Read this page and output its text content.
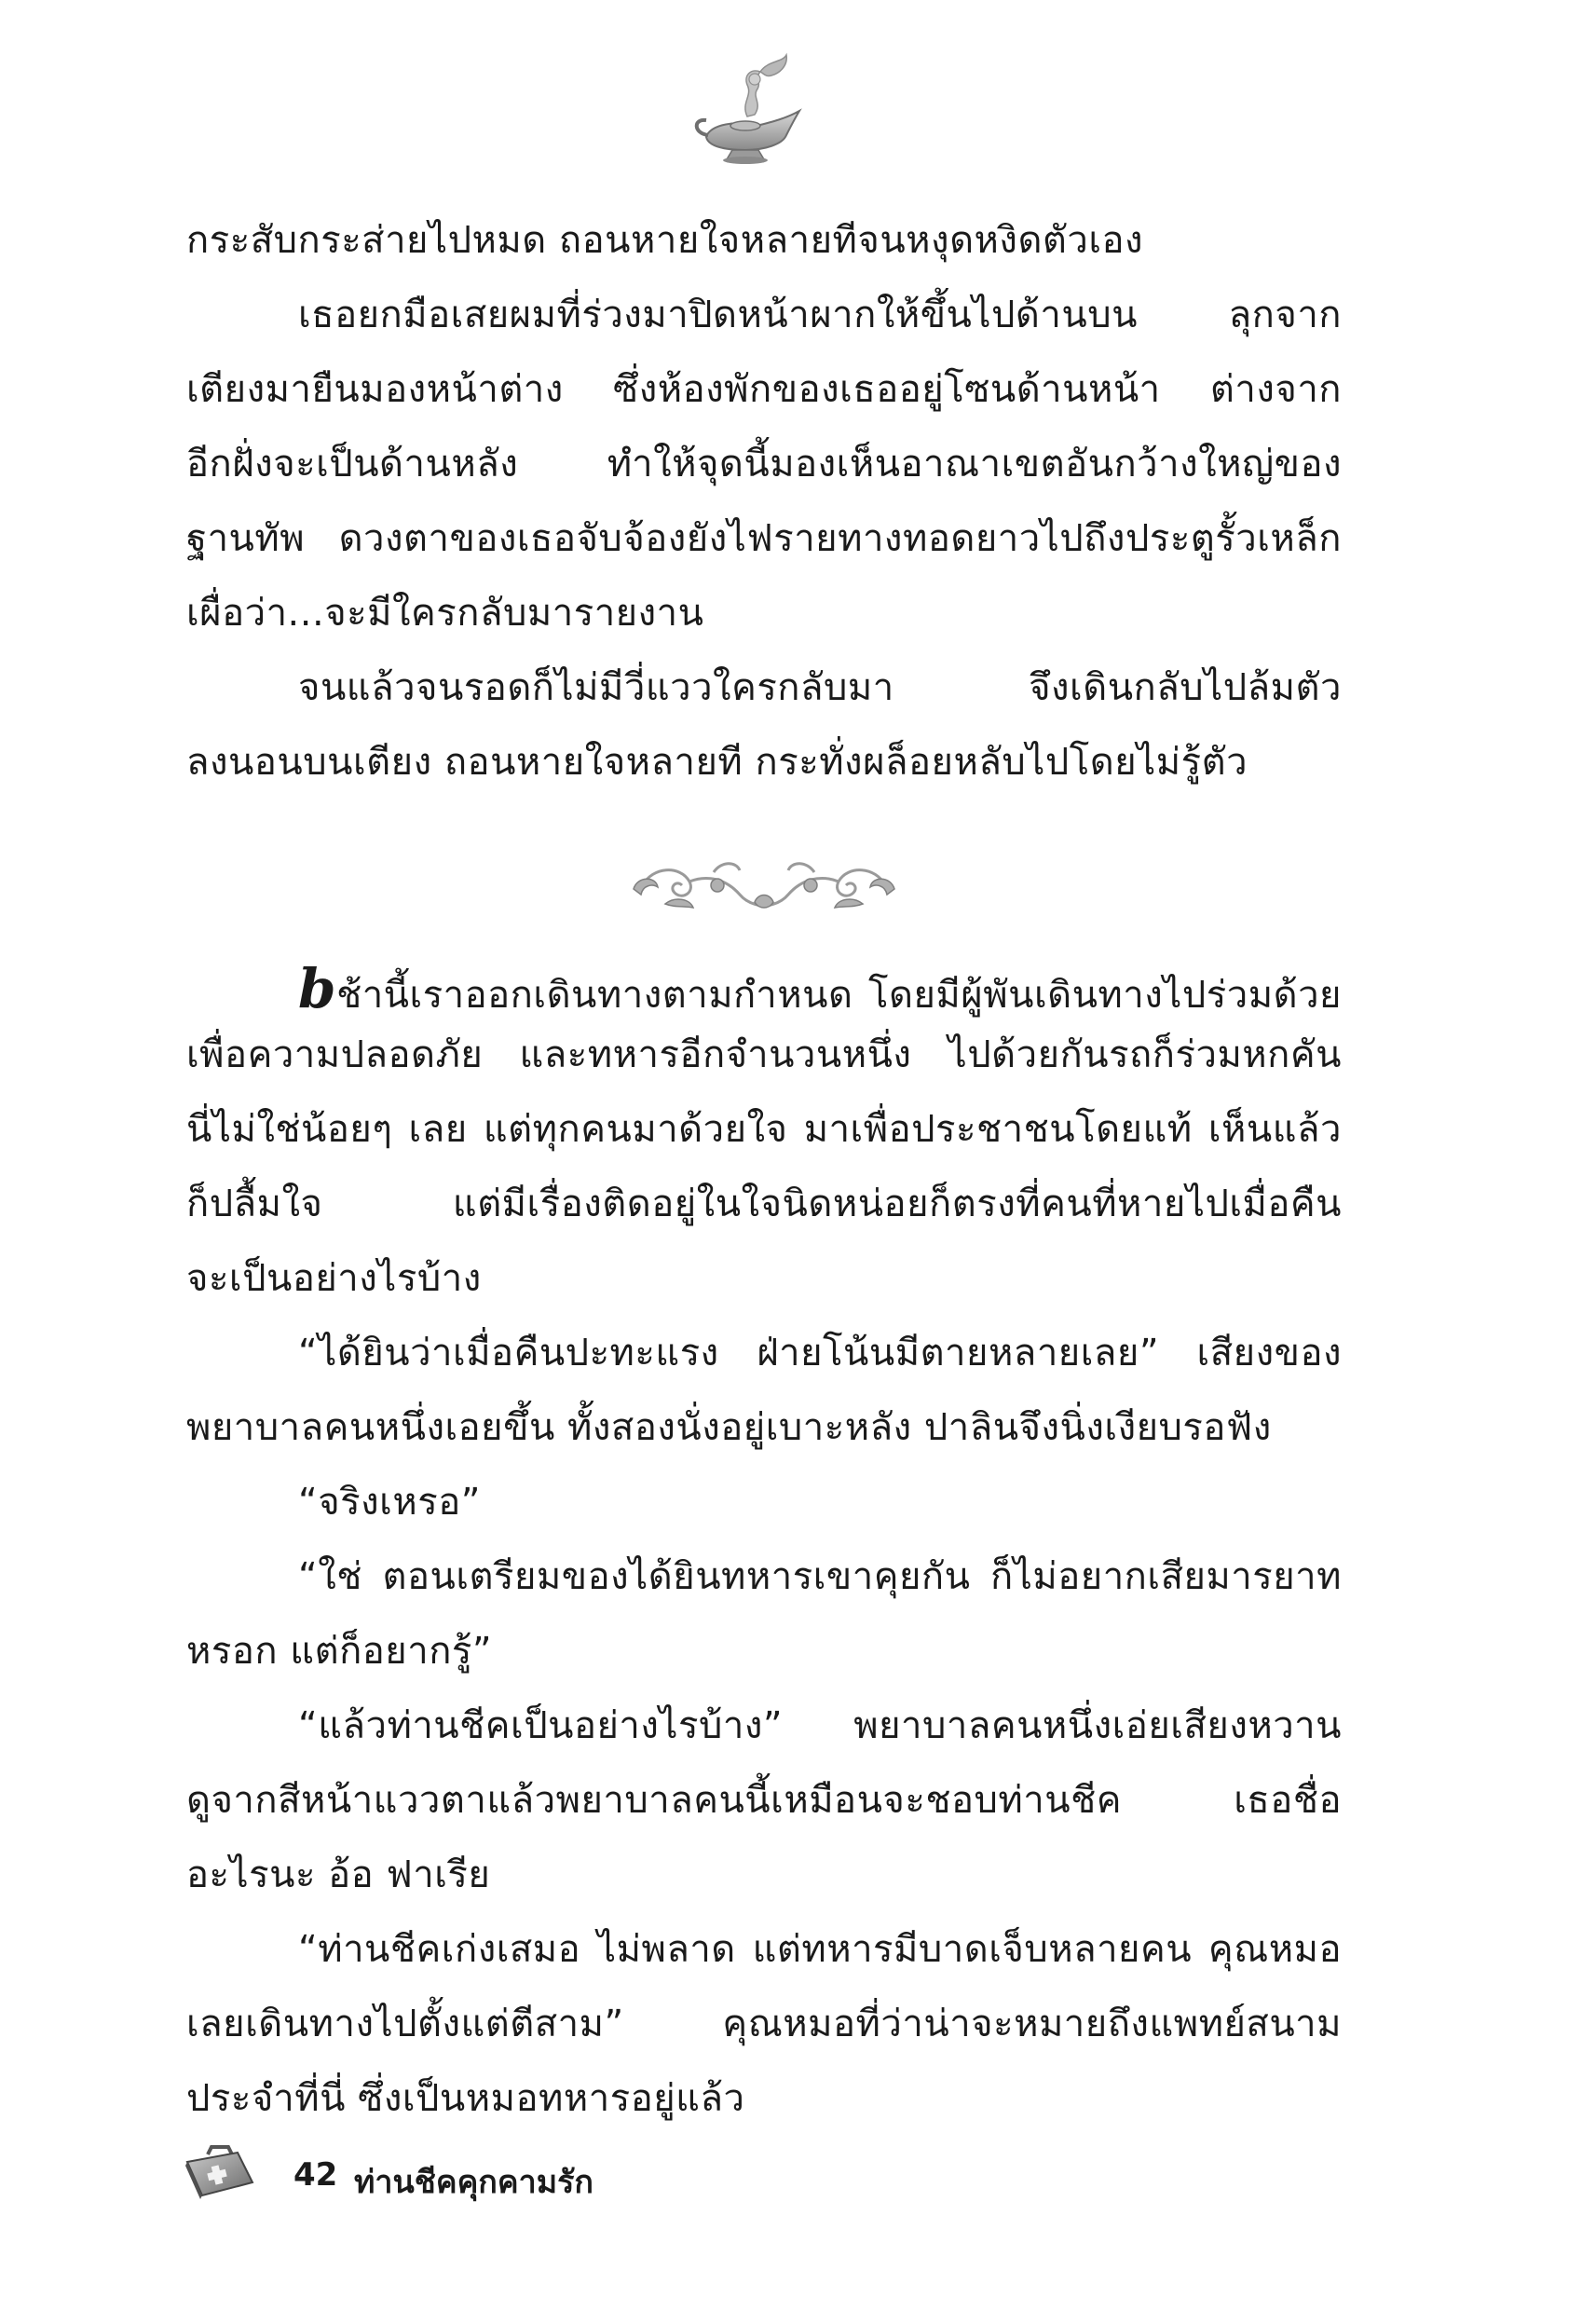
กระสับกระส่ายไปหมด ถอนหายใจหลายทีจนหงุดหงิดตัวเอง
เธอยกมือเสยผมที่ร่วงมาปิดหน้าผากให้ขึ้นไปด้านบน ลุกจาก
เตียงมายืนมองหน้าต่าง ซึ่งห้องพักของเธออยู่โซนด้านหน้า ต่างจาก
อีกฝั่งจะเป็นด้านหลัง ทำให้จุดนี้มองเห็นอาณาเขตอันกว้างใหญ่ของ
ฐานทัพ ดวงตาของเธอจับจ้องยังไฟรายทางทอดยาวไปถึงประตูรั้วเหล็ก
เผื่อว่า...จะมีใครกลับมารายงาน
จนแล้วจนรอดก็ไม่มีวี่แววใครกลับมา จึงเดินกลับไปล้มตัว
ลงนอนบนเตียง ถอนหายใจหลายที กระทั่งผล็อยหลับไปโดยไม่รู้ตัว
bช้านี้เราออกเดินทางตามกำหนด โดยมีผู้พันเดินทางไปร่วมด้วย
เพื่อความปลอดภัย และทหารอีกจำนวนหนึ่ง ไปด้วยกันรถก็ร่วมหกคัน
นี่ไม่ใช่น้อยๆ เลย แต่ทุกคนมาด้วยใจ มาเพื่อประชาชนโดยแท้ เห็นแล้ว
ก็ปลื้มใจ แต่มีเรื่องติดอยู่ในใจนิดหน่อยก็ตรงที่คนที่หายไปเมื่อคืน
จะเป็นอย่างไรบ้าง
“ได้ยินว่าเมื่อคืนปะทะแรง ฝ่ายโน้นมีตายหลายเลย” เสียงของ
พยาบาลคนหนึ่งเอยขึ้น ทั้งสองนั่งอยู่เบาะหลัง ปาลินจึงนิ่งเงียบรอฟัง
“จริงเหรอ”
“ใช่ ตอนเตรียมของได้ยินทหารเขาคุยกัน ก็ไม่อยากเสียมารยาท
หรอก แต่ก็อยากรู้”
“แล้วท่านชีคเป็นอย่างไรบ้าง” พยาบาลคนหนึ่งเอ่ยเสียงหวาน
ดูจากสีหน้าแววตาแล้วพยาบาลคนนี้เหมือนจะชอบท่านชีค เธอชื่อ
อะไรนะ อ้อ ฟาเรีย
“ท่านชีคเก่งเสมอ ไม่พลาด แต่ทหารมีบาดเจ็บหลายคน คุณหมอ
เลยเดินทางไปตั้งแต่ตีสาม” คุณหมอที่ว่าน่าจะหมายถึงแพทย์สนาม
ประจำที่นี่ ซึ่งเป็นหมอทหารอยู่แล้ว
42 ท่านชีคคุกคามรัก
